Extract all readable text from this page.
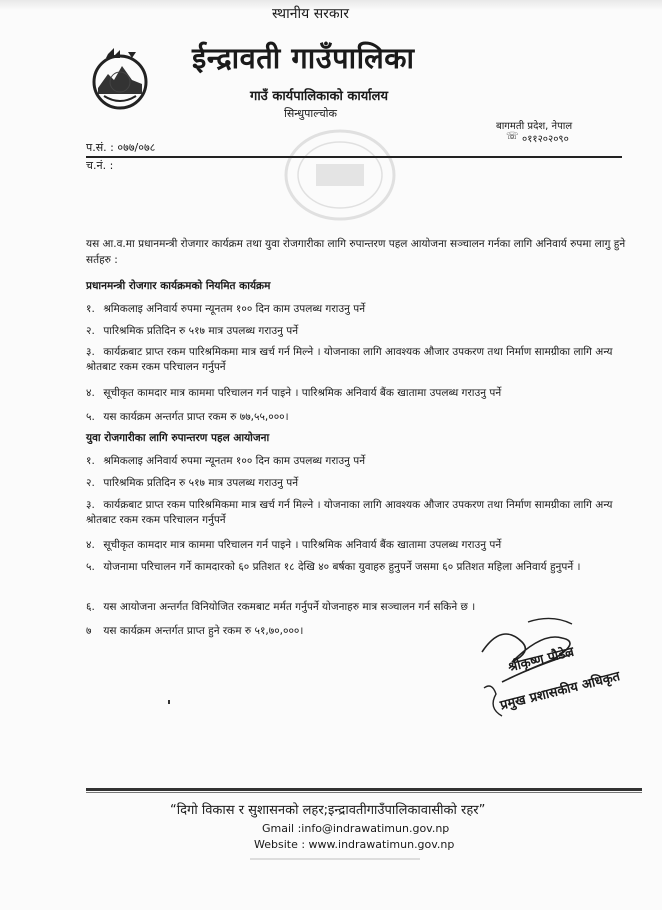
स्थानीय सरकार
ईन्द्रावती गाउँपालिका
गाउँ कार्यपालिकाको कार्यालय
सिन्धुपाल्चोक
बागमती प्रदेश, नेपाल
☏ ०११२०२०९०
प.सं. : ०७७/०७८
च.नं. :
यस आ.व.मा प्रधानमन्त्री रोजगार कार्यक्रम तथा युवा रोजगारीका लागि रुपान्तरण पहल आयोजना सञ्चालन गर्नका लागि अनिवार्य रुपमा लागु हुने सर्तहरु :
प्रधानमन्त्री रोजगार कार्यक्रमको नियमित कार्यक्रम
१. श्रमिकलाइ अनिवार्य रुपमा न्यूनतम १०० दिन काम उपलब्ध गराउनु पर्ने
२. पारिश्रमिक प्रतिदिन रु ५१७ मात्र उपलब्ध गराउनु पर्ने
३. कार्यक्रबाट प्राप्त रकम पारिश्रमिकमा मात्र खर्च गर्न मिल्ने । योजनाका लागि आवश्यक औजार उपकरण तथा निर्माण सामग्रीका लागि अन्य श्रोतबाट रकम रकम परिचालन गर्नुपर्ने
४. सूचीकृत कामदार मात्र काममा परिचालन गर्न पाइने । पारिश्रमिक अनिवार्य बैंक खातामा उपलब्ध गराउनु पर्ने
५. यस कार्यक्रम अन्तर्गत प्राप्त रकम रु ७७,५५,०००।
युवा रोजगारीका लागि रुपान्तरण पहल आयोजना
१. श्रमिकलाइ अनिवार्य रुपमा न्यूनतम १०० दिन काम उपलब्ध गराउनु पर्ने
२. पारिश्रमिक प्रतिदिन रु ५१७ मात्र उपलब्ध गराउनु पर्ने
३. कार्यक्रबाट प्राप्त रकम पारिश्रमिकमा मात्र खर्च गर्न मिल्ने । योजनाका लागि आवश्यक औजार उपकरण तथा निर्माण सामग्रीका लागि अन्य श्रोतबाट रकम रकम परिचालन गर्नुपर्ने
४. सूचीकृत कामदार मात्र काममा परिचालन गर्न पाइने । पारिश्रमिक अनिवार्य बैंक खातामा उपलब्ध गराउनु पर्ने
५. योजनामा परिचालन गर्ने कामदारको ६० प्रतिशत १८ देखि ४० बर्षका युवाहरु हुनुपर्ने जसमा ६० प्रतिशत महिला अनिवार्य हुनुपर्ने ।
६. यस आयोजना अन्तर्गत विनियोजित रकमबाट मर्मत गर्नुपर्ने योजनाहरु मात्र सञ्चालन गर्न सकिने छ ।
७ यस कार्यक्रम अन्तर्गत प्राप्त हुने रकम रु ५१,७०,०००।
श्रीकृष्ण पौडेल
प्रमुख प्रशासकीय अधिकृत
“दिगो विकास र सुशासनको लहर;इन्द्रावतीगाउँपालिकावासीको रहर”
Gmail :info@indrawatimun.gov.np
Website : www.indrawatimun.gov.np
